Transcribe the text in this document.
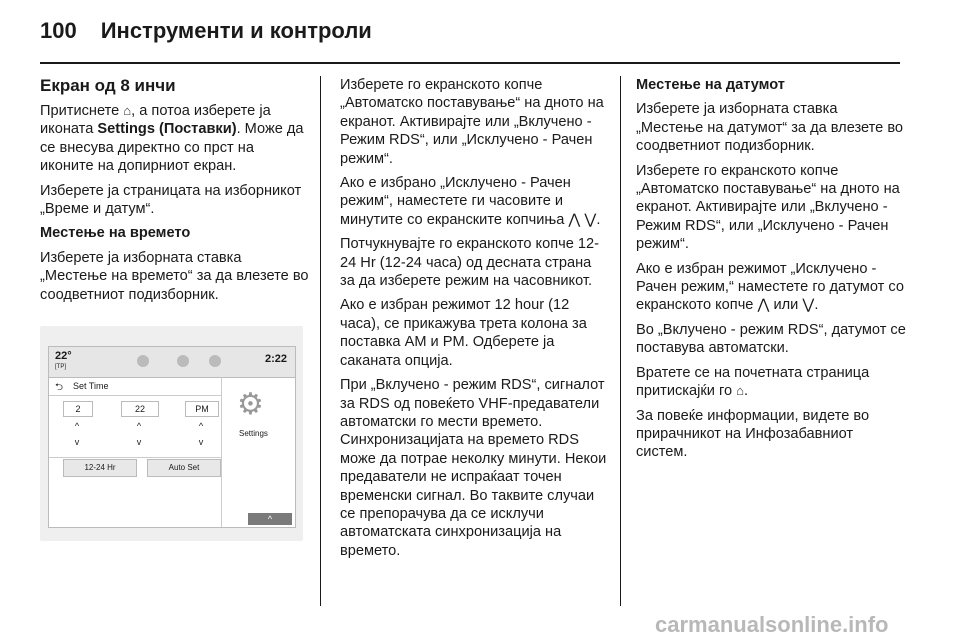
100 Инструменти и контроли

Екран од 8 инчи

Притиснете ⌂, а потоа изберете ја иконата Settings (Поставки). Може да се внесува директно со прст на иконите на допирниот екран.

Изберете ја страницата на изборникот „Време и датум“.

Местење на времето

Изберете ја изборната ставка „Местење на времето“ за да влезете во соодветниот подизборник.

22°
[TP]
2:22
⮌ Set Time
2	22	PM
^
v
^
v
^
v
12-24 Hr	Auto Set
⚙
Settings
^

Изберете го екранското копче „Автоматско поставување“ на дното на екранот. Активирајте или „Вклучено - Режим RDS“, или „Исклучено - Рачен режим“.

Ако е избрано „Исклучено - Рачен режим“, наместете ги часовите и минутите со екранските копчиња ⋀ ⋁.

Потчукнувајте го екранското копче 12-24 Hr (12-24 часа) од десната страна за да изберете режим на часовникот.

Ако е избран режимот 12 hour (12 часа), се прикажува трета колона за поставка AM и PM. Одберете ја саканата опција.

При „Вклучено - режим RDS“, сигналот за RDS од повеќето VHF-предаватели автоматски го мести времето. Синхронизацијата на времето RDS може да потрае неколку минути. Некои предаватели не испраќаат точен временски сигнал. Во таквите случаи се препорачува да се исклучи автоматската синхронизација на времето.

Местење на датумот

Изберете ја изборната ставка „Местење на датумот“ за да влезете во соодветниот подизборник.

Изберете го екранското копче „Автоматско поставување“ на дното на екранот. Активирајте или „Вклучено - Режим RDS“, или „Исклучено - Рачен режим“.

Ако е избран режимот „Исклучено - Рачен режим,“ наместете го датумот со екранското копче ⋀ или ⋁.

Во „Вклучено - режим RDS“, датумот се поставува автоматски.

Вратете се на почетната страница притискајќи го ⌂.

За повеќе информации, видете во прирачникот на Инфозабавниот систем.

carmanualsonline.info
